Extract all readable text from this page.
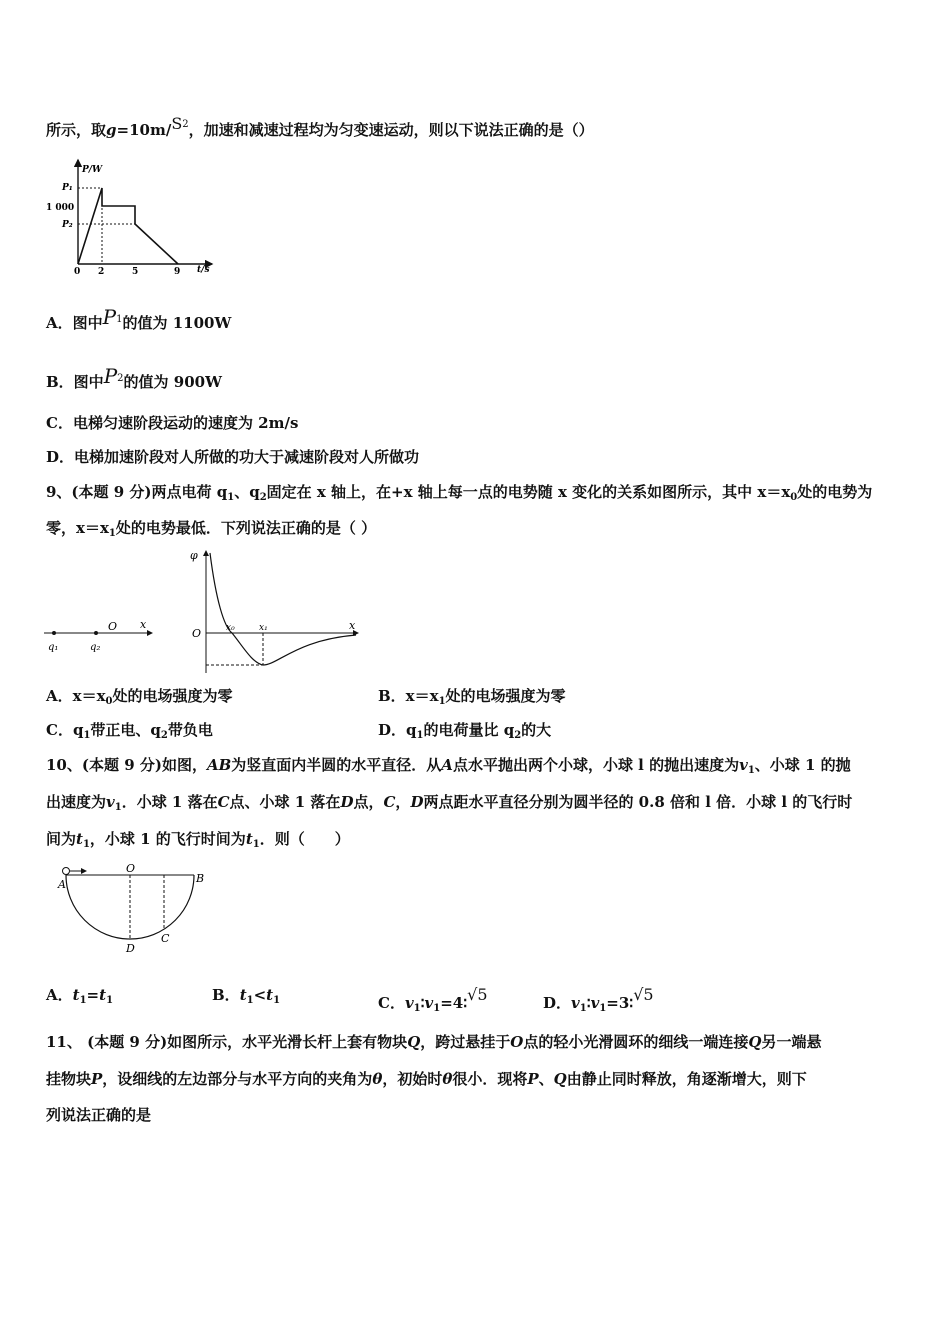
所示，取$g=10m/S^2$，加速和减速过程均为匀变速运动，则以下说法正确的是（）
P/W
t/s
P₁
1 000
P₂
0 2	5	9
A．图中$P^1$的值为 1100W
B．图中$P^2$的值为 900W
C．电梯匀速阶段运动的速度为 2m/s
D．电梯加速阶段对人所做的功大于减速阶段对人所做功
9、(本题 9 分)两点电荷 $q_1$、$q_2$固定在 x 轴上，在+x 轴上每一点的电势随 x 变化的关系如图所示，其中 $x=x_0$处的电势为
零，$x=x_1$处的电势最低．下列说法正确的是（ ）
q₁	q₂
O x
φ
O	x₀	x₁	x
A．$x=x_0$处的电场强度为零	B．$x=x_1$处的电场强度为零
C．$q_1$带正电、$q_2$带负电	D．$q_1$的电荷量比 $q_2$的大
10、(本题 9 分)如图，AB为竖直面内半圆的水平直径．从A点水平抛出两个小球，小球 l 的抛出速度为$v_1$、小球 1 的抛
出速度为$v_1$．小球 1 落在C点、小球 1 落在D点，C，D两点距水平直径分别为圆半径的 0.8 倍和 l 倍．小球 l 的飞行时
间为$t_1$，小球 1 的飞行时间为$t_1$．则（　　）
A
O
B
D
C
A．$t_1=t_1$	B．$t_1<t_1$	C．$v_1∶v_1=4∶√5$	D．$v_1∶v_1=3∶√5$
11、 (本题 9 分)如图所示，水平光滑长杆上套有物块Q，跨过悬挂于O点的轻小光滑圆环的细线一端连接Q另一端悬
挂物块P，设细线的左边部分与水平方向的夹角为θ，初始时θ很小．现将P、Q由静止同时释放，角逐渐增大，则下
列说法正确的是
